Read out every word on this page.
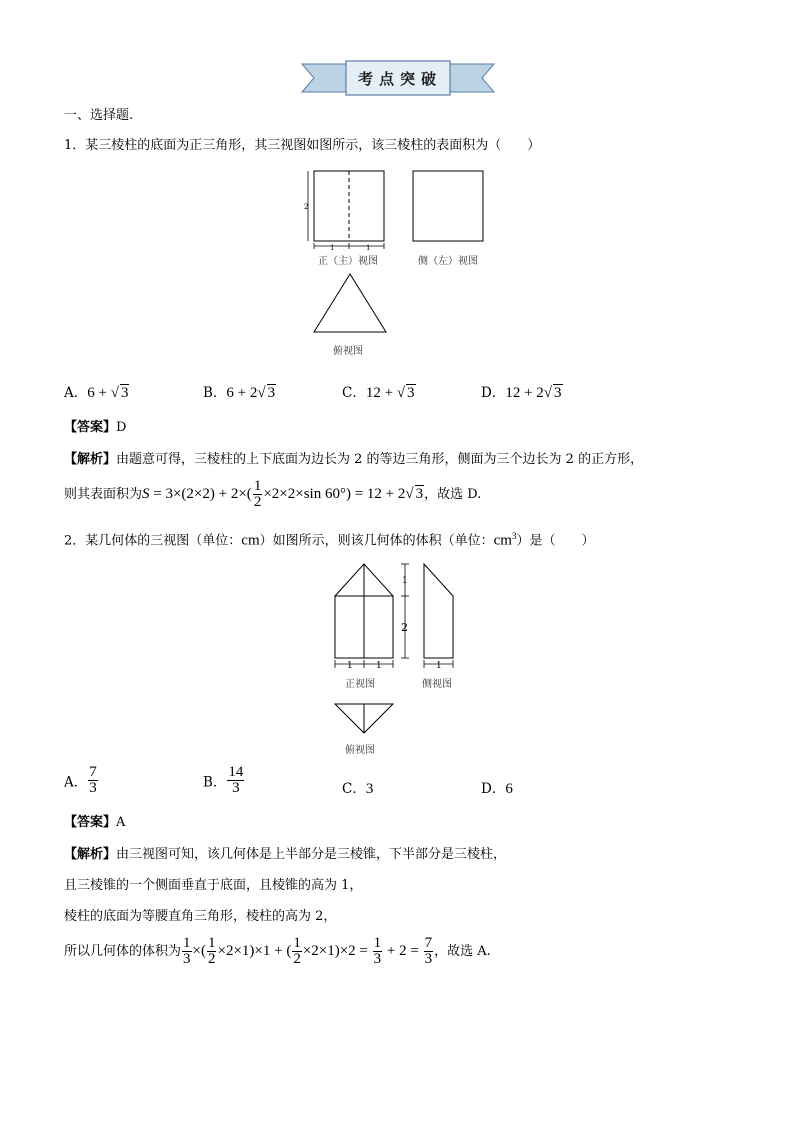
考点突破
一、选择题.
1．某三棱柱的底面为正三角形，其三视图如图所示，该三棱柱的表面积为（　　）
2
1	1
正（主）视图	侧（左）视图
俯视图
A．6 + √ 3	B．6 + 2√ 3	C．12 + √ 3	D．12 + 2√ 3
【答案】D
【解析】由题意可得，三棱柱的上下底面为边长为 2 的等边三角形，侧面为三个边长为 2 的正方形，
则其表面积为$S = 3\times(2\times 2) + 2\times( \frac{1}{2} \times 2\times 2\times\sin$ 60°) = 12 + 2√ 3，故选 D.
2．某几何体的三视图（单位：cm）如图所示，则该几何体的体积（单位：$cm^3$）是（　　）
1
2
1	1
正视图
1
侧视图
俯视图
A． $\frac{7}{3}$	B． $\frac{14}{3}$	C．3	D．6
【答案】A
【解析】由三视图可知，该几何体是上半部分是三棱锥，下半部分是三棱柱，
且三棱锥的一个侧面垂直于底面，且棱锥的高为 1，
棱柱的底面为等腰直角三角形，棱柱的高为 2，
所以几何体的体积为 $\frac{1}{3}$ ×( $\frac{1}{2} \times 2\times 1)\times 1$ + ( $\frac{1}{2} \times 2\times 1)\times 2 = \frac{1}{3} + 2 = \frac{7}{3}$ ，故选 A.
